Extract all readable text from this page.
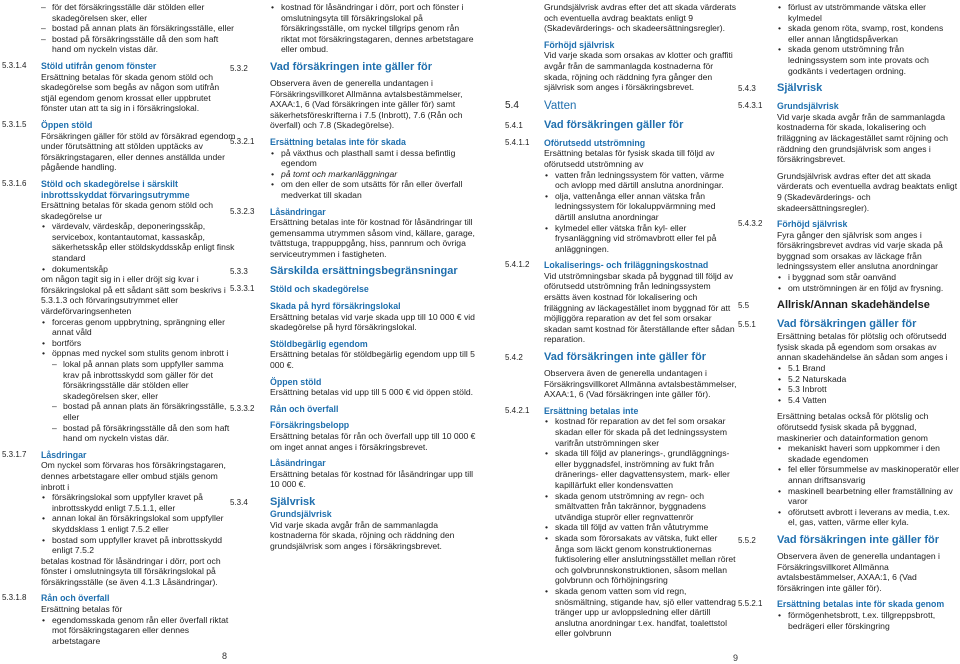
– för det försäkringsställe där stölden eller skadegörelsen sker, eller
– bostad på annan plats än försäkringsställe, eller
– bostad på försäkringsställe då den som haft hand om nyckeln vistas där.
5.3.1.4 Stöld utifrån genom fönster
Ersättning betalas för skada genom stöld och skadegörelse som begås av någon som utifrån stjäl egendom genom krossat eller uppbrutet fönster utan att ta sig in i försäkringslokal.
5.3.1.5 Öppen stöld
Försäkringen gäller för stöld av försäkrad egendom under förutsättning att stölden upptäcks av försäkringstagaren, eller dennes anställda under pågående handling.
5.3.1.6 Stöld och skadegörelse i särskilt inbrottsskyddat förvaringsutrymme
Ersättning betalas för skada genom stöld och skadegörelse ur
• värdevalv, värdeskåp, deponeringsskåp, servicebox, kontantautomat, kassaskåp, säkerhetsskåp eller stöldskyddsskåp enligt finsk standard
• dokumentskåp
om någon tagit sig in i eller dröjt sig kvar i försäkringslokal på ett sådant sätt som beskrivs i 5.3.1.3 och förvaringsutrymmet eller värdeförvaringsenheten
• forceras genom uppbrytning, sprängning eller annat våld
• bortförs
• öppnas med nyckel som stulits genom inbrott i
– lokal på annan plats som uppfyller samma krav på inbrottsskydd som gäller för det försäkringsställe där stölden eller skadegörelsen sker, eller
– bostad på annan plats än försäkringsställe, eller
– bostad på försäkringsställe då den som haft hand om nyckeln vistas där.
5.3.1.7 Låsdringar
Om nyckel som förvaras hos försäkringstagaren, dennes arbetstagare eller ombud stjäls genom inbrott i
• försäkringslokal som uppfyller kravet på inbrottsskydd enligt 7.5.1.1, eller
• annan lokal än försäkringslokal som uppfyller skyddsklass 1 enligt 7.5.2 eller
• bostad som uppfyller kravet på inbrottsskydd enligt 7.5.2
betalas kostnad för låsändringar i dörr, port och fönster i omslutningsyta till försäkringslokal på försäkringsställe (se även 4.1.3 Låsändringar).
5.3.1.8 Rån och överfall
Ersättning betalas för
• egendomsskada genom rån eller överfall riktat mot försäkringstagaren eller dennes arbetstagare
• kostnad för låsändringar i dörr, port och fönster i omslutningsyta till försäkringslokal på försäkringsställe, om nyckel tillgrips genom rån riktat mot försäkringstagaren, dennes arbetstagare eller ombud.
5.3.2 Vad försäkringen inte gäller för
Observera även de generella undantagen i Försäkringsvillkoret Allmänna avtalsbestämmelser, AXAA:1, 6 (Vad försäkringen inte gäller för) samt säkerhetsföreskrifterna i 7.5 (Inbrott), 7.6 (Rån och överfall) och 7.8 (Skadegörelse).
5.3.2.1 Ersättning betalas inte för skada
• på växthus och plasthall samt i dessa befintlig egendom
• på tomt och markanläggningar
• om den eller de som utsätts för rån eller överfall medverkat till skadan
5.3.2.3 Låsändringar
Ersättning betalas inte för kostnad för låsändringar till gemensamma utrymmen såsom vind, källare, garage, tvättstuga, trappuppgång, hiss, pannrum och övriga serviceutrymmen i fastigheten.
5.3.3 Särskilda ersättningsbegränsningar
5.3.3.1 Stöld och skadegörelse
Skada på hyrd försäkringslokal
Ersättning betalas vid varje skada upp till 10 000 € vid skadegörelse på hyrd försäkringslokal.
Stöldbegärlig egendom
Ersättning betalas för stöldbegärlig egendom upp till 5 000 €.
Öppen stöld
Ersättning betalas vid upp till 5 000 € vid öppen stöld.
5.3.3.2 Rån och överfall
Försäkringsbelopp
Ersättning betalas för rån och överfall upp till 10 000 € om inget annat anges i försäkringsbrevet.
Låsändringar
Ersättning betalas för kostnad för låsändringar upp till 10 000 €.
5.3.4 Självrisk
Grundsjälvrisk
Vid varje skada avgår från de sammanlagda kostnaderna för skada, röjning och räddning den grundsjälvrisk som anges i försäkringsbrevet.
Grundsjälvrisk avdras efter det att skada värderats och eventuella avdrag beaktats enligt 9 (Skadevärderings- och skadeersättningsregler).
Förhöjd självrisk
Vid varje skada som orsakas av klotter och graffiti avgår från de sammanlagda kostnaderna för skada, röjning och räddning fyra gånger den självrisk som anges i försäkringsbrevet.
5.4 Vatten
5.4.1 Vad försäkringen gäller för
5.4.1.1 Oförutsedd utströmning
Ersättning betalas för fysisk skada till följd av oförutsedd utströmning av
• vatten från ledningssystem för vatten, värme och avlopp med därtill anslutna anordningar.
• olja, vattenånga eller annan vätska från ledningssystem för lokaluppvärmning med därtill anslutna anordningar
• kylmedel eller vätska från kyl- eller frysanläggning vid strömavbrott eller fel på anläggningen.
5.4.1.2 Lokaliserings- och friläggningskostnad
Vid utströmningsbar skada på byggnad till följd av oförutsedd utströmning från ledningssystem ersätts även kostnad för lokalisering och friläggning av läckagestället inom byggnad för att möjliggöra reparation av det fel som orsakar skadan samt kostnad för återställande efter sådan reparation.
5.4.2 Vad försäkringen inte gäller för
Observera även de generella undantagen i Försäkringsvillkoret Allmänna avtalsbestämmelser, AXAA:1, 6 (Vad försäkringen inte gäller för).
5.4.2.1 Ersättning betalas inte
• kostnad för reparation av det fel som orsakar skadan eller för skada på det ledningssystem varifrån utströmningen sker
• skada till följd av planerings-, grundläggnings- eller byggnadsfel, inströmning av fukt från dränerings- eller dagvattensystem, mark- eller kapillärfukt eller kondensvatten
• skada genom utströmning av regn- och smältvatten från takrännor, byggnadens utvändiga stuprör eller regnvattenrör
• skada till följd av vatten från våtutrymme
• skada som förorsakats av vätska, fukt eller ånga som läckt genom konstruktionernas fuktisolering eller anslutningsstället mellan röret och golvbrunnskonstruktionen, såsom mellan golvbrunn och förhöjningsring
• skada genom vatten som vid regn, snösmältning, stigande hav, sjö eller vattendrag tränger upp ur avloppsledning eller därtill anslutna anordningar t.ex. handfat, toalettstol eller golvbrunn
• förlust av utströmmande vätska eller kylmedel
• skada genom röta, svamp, rost, kondens eller annan långtidspåverkan
• skada genom utströmning från ledningssystem som inte provats och godkänts i vedertagen ordning.
5.4.3 Självrisk
5.4.3.1 Grundsjälvrisk
Vid varje skada avgår från de sammanlagda kostnaderna för skada, lokalisering och friläggning av läckagestället samt röjning och räddning den grundsjälvrisk som anges i försäkringsbrevet.
Grundsjälvrisk avdras efter det att skada värderats och eventuella avdrag beaktats enligt 9 (Skadevärderings- och skadeersättningsregler).
5.4.3.2 Förhöjd självrisk
Fyra gånger den självrisk som anges i försäkringsbrevet avdras vid varje skada på byggnad som orsakas av läckage från ledningssystem eller anslutna anordningar
• i byggnad som står oanvänd
• om utströmningen är en följd av frysning.
5.5	Allrisk/Annan skadehändelse
5.5.1 Vad försäkringen gäller för
Ersättning betalas för plötslig och oförutsedd fysisk skada på egendom som orsakas av annan skadehändelse än sådan som anges i
• 5.1 Brand
• 5.2 Naturskada
• 5.3 Inbrott
• 5.4 Vatten
Ersättning betalas också för plötslig och oförutsedd fysisk skada på byggnad, maskinerier och datainformation genom
• mekaniskt haveri som uppkommer i den skadade egendomen
• fel eller försummelse av maskinoperatör eller annan driftsansvarig
• maskinell bearbetning eller framställning av varor
• oförutsett avbrott i leverans av media, t.ex. el, gas, vatten, värme eller kyla.
5.5.2 Vad försäkringen inte gäller för
Observera även de generella undantagen i Försäkringsvillkoret Allmänna avtalsbestämmelser, AXAA:1, 6 (Vad försäkringen inte gäller för).
5.5.2.1 Ersättning betalas inte för skada genom
• förmögenhetsbrott, t.ex. tillgreppsbrott, bedrägeri eller förskingring
8	9
